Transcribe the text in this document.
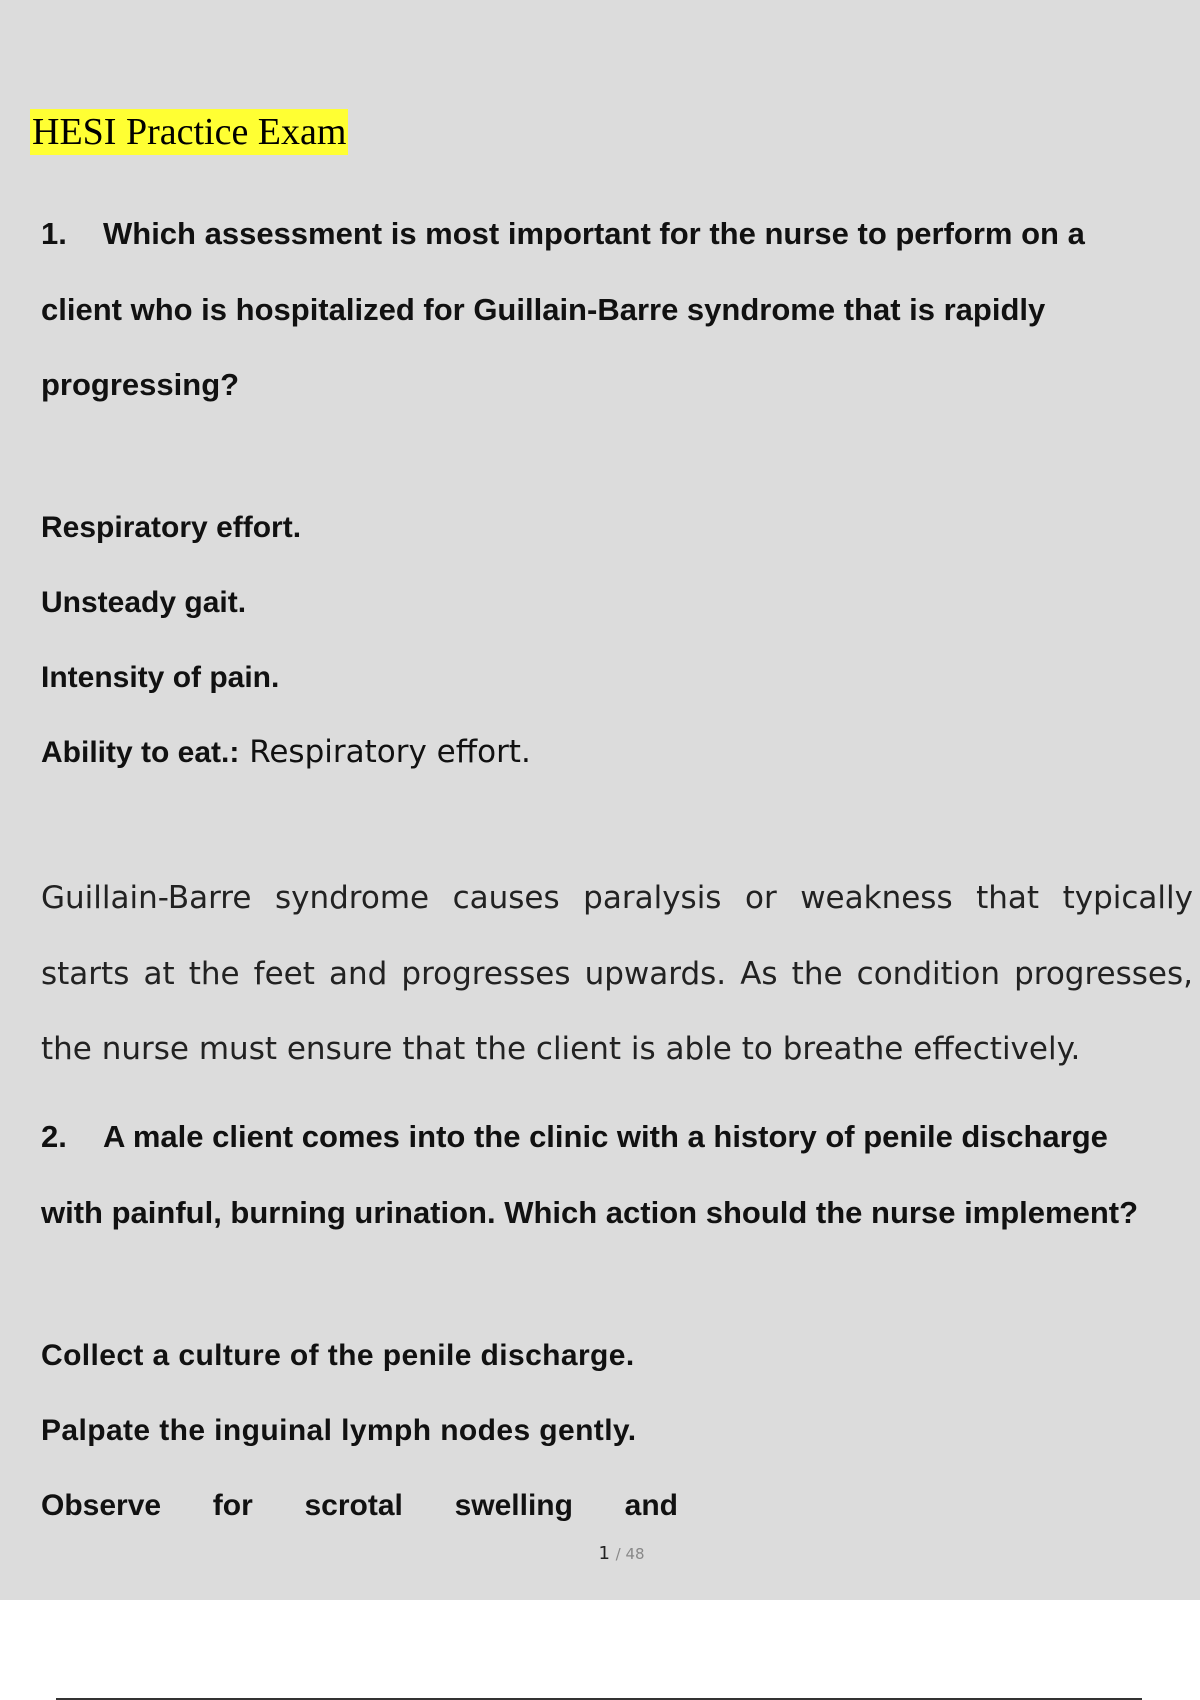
HESI Practice Exam
1. Which assessment is most important for the nurse to perform on a
client who is hospitalized for Guillain-Barre syndrome that is rapidly
progressing?
Respiratory effort.
Unsteady gait.
Intensity of pain.
Ability to eat.: Respiratory effort.
Guillain-Barre syndrome causes paralysis or weakness that typically
starts at the feet and progresses upwards. As the condition progresses,
the nurse must ensure that the client is able to breathe effectively.
2. A male client comes into the clinic with a history of penile discharge
with painful, burning urination. Which action should the nurse implement?
Collect a culture of the penile discharge.
Palpate the inguinal lymph nodes gently.
Observe for scrotal swelling and
1 / 48
